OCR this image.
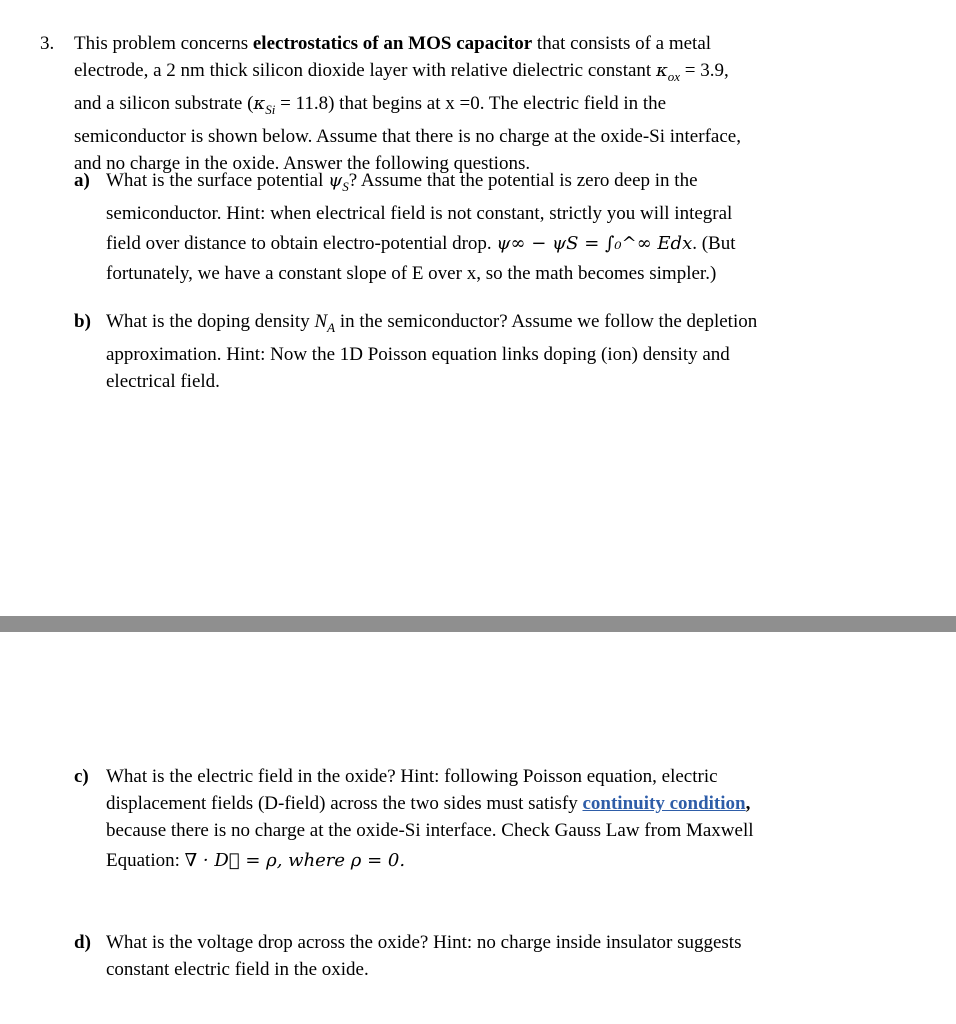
3. This problem concerns electrostatics of an MOS capacitor that consists of a metal
electrode, a 2 nm thick silicon dioxide layer with relative dielectric constant $\kappa_{ox} = 3.9$,
and a silicon substrate $(\kappa_{Si} = 11.8)$ that begins at x =0. The electric field in the
semiconductor is shown below. Assume that there is no charge at the oxide-Si interface,
and no charge in the oxide. Answer the following questions.
a) What is the surface potential $\psi_S$? Assume that the potential is zero deep in the
semiconductor. Hint: when electrical field is not constant, strictly you will integral
field over distance to obtain electro-potential drop. ψ∞ − ψS = ∫₀^∞ Edx. (But
fortunately, we have a constant slope of E over x, so the math becomes simpler.)
b) What is the doping density $N_A$ in the semiconductor? Assume we follow the depletion
approximation. Hint: Now the 1D Poisson equation links doping (ion) density and
electrical field.
c) What is the electric field in the oxide? Hint: following Poisson equation, electric
displacement fields (D-field) across the two sides must satisfy continuity condition,
because there is no charge at the oxide-Si interface. Check Gauss Law from Maxwell
Equation: ∇ · D⃗ = ρ, where ρ = 0.
d) What is the voltage drop across the oxide? Hint: no charge inside insulator suggests
constant electric field in the oxide.
